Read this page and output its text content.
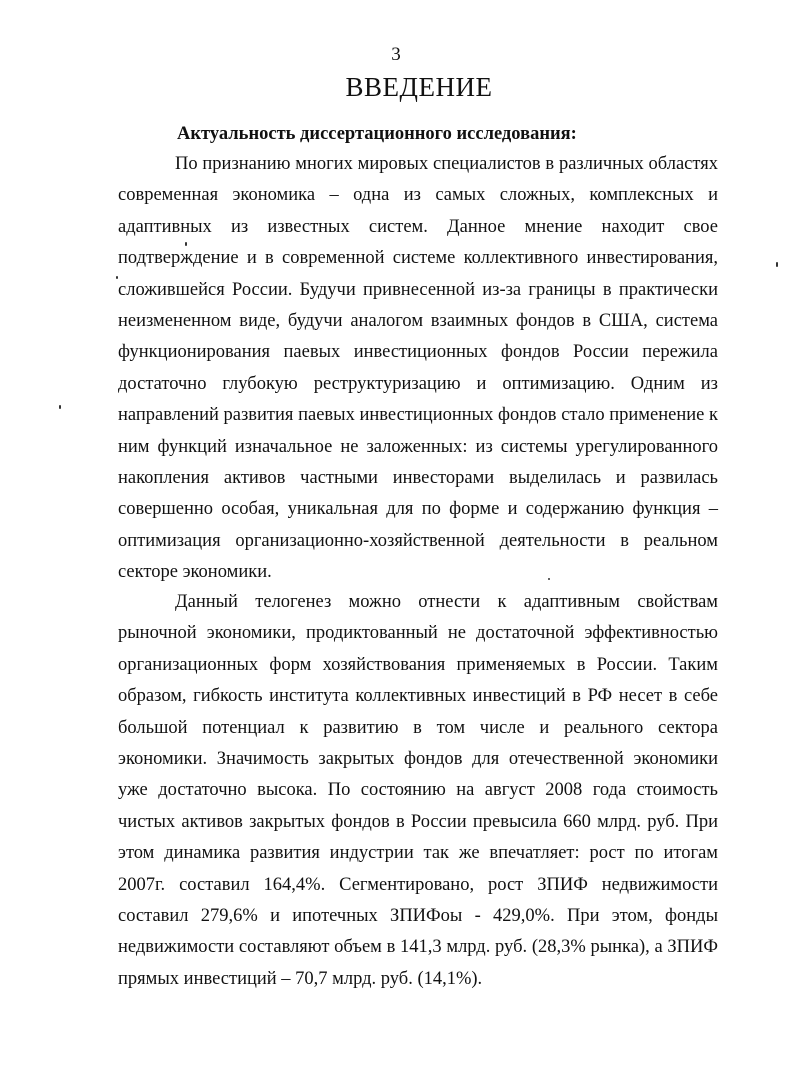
3
ВВЕДЕНИЕ
Актуальность диссертационного исследования:

По признанию многих мировых специалистов в различных областях современная экономика – одна из самых сложных, комплексных и адаптивных из известных систем. Данное мнение находит свое подтверждение и в современной системе коллективного инвестирования, сложившейся России. Будучи привнесенной из-за границы в практически неизмененном виде, будучи аналогом взаимных фондов в США, система функционирования паевых инвестиционных фондов России пережила достаточно глубокую реструктуризацию и оптимизацию. Одним из направлений развития паевых инвестиционных фондов стало применение к ним функций изначальное не заложенных: из системы урегулированного накопления активов частными инвесторами выделилась и развилась совершенно особая, уникальная для по форме и содержанию функция – оптимизация организационно-хозяйственной деятельности в реальном секторе экономики.

Данный телогенез можно отнести к адаптивным свойствам рыночной экономики, продиктованный не достаточной эффективностью организационных форм хозяйствования применяемых в России. Таким образом, гибкость института коллективных инвестиций в РФ несет в себе большой потенциал к развитию в том числе и реального сектора экономики. Значимость закрытых фондов для отечественной экономики уже достаточно высока. По состоянию на август 2008 года стоимость чистых активов закрытых фондов в России превысила 660 млрд. руб. При этом динамика развития индустрии так же впечатляет: рост по итогам 2007г. составил 164,4%. Сегментировано, рост ЗПИФ недвижимости составил 279,6% и ипотечных ЗПИФоы - 429,0%. При этом, фонды недвижимости составляют объем в 141,3 млрд. руб. (28,3% рынка), а ЗПИФ прямых инвестиций – 70,7 млрд. руб. (14,1%).
